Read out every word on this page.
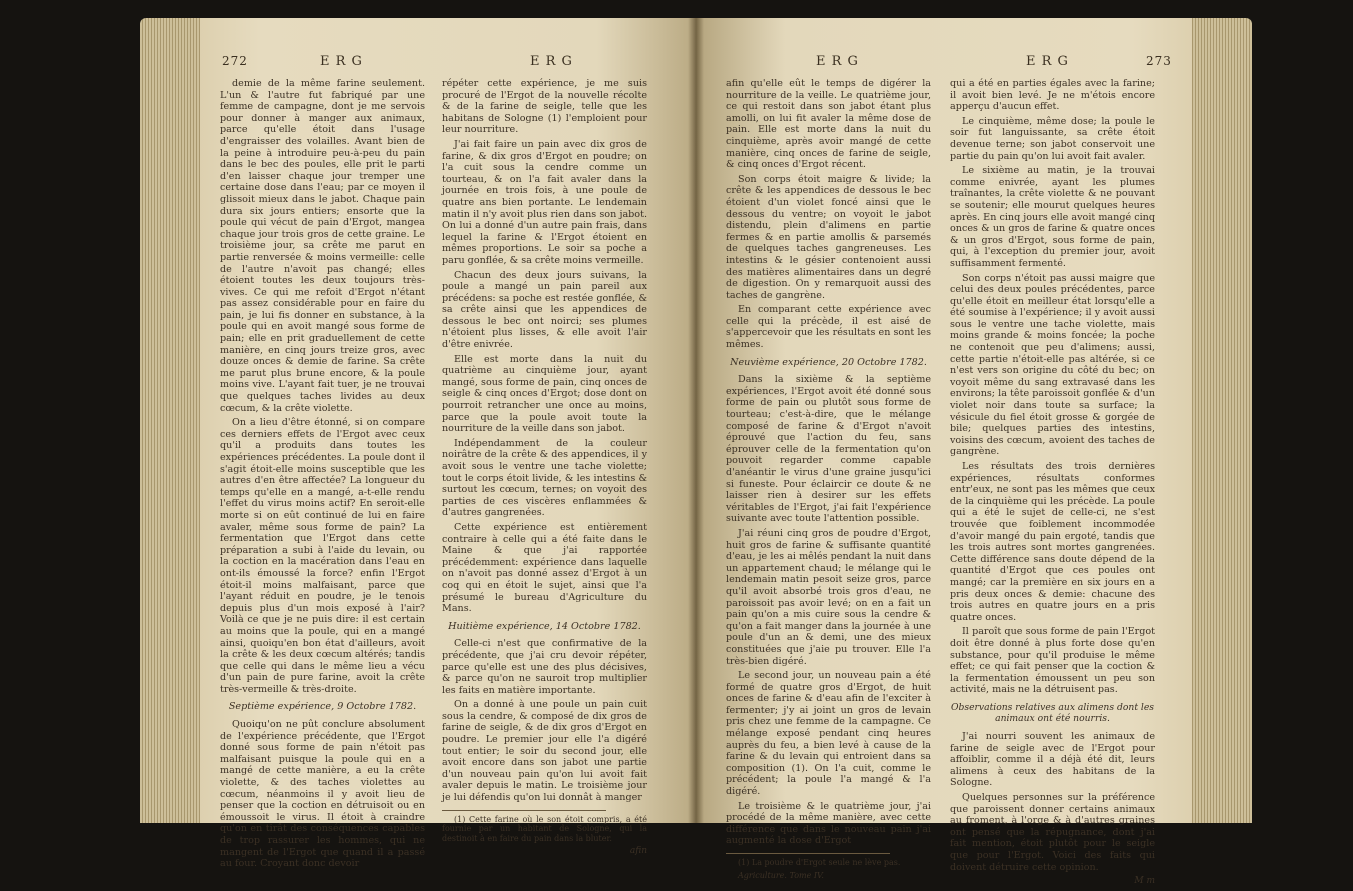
272	E R G	E R G

demie de la même farine seulement. L'un & l'autre fut fabriqué par une femme de campagne, dont je me servois pour donner à manger aux animaux, parce qu'elle étoit dans l'usage d'engraisser des volailles. Avant bien de la peine à introduire peu-à-peu du pain dans le bec des poules, elle prit le parti d'en laisser chaque jour tremper une certaine dose dans l'eau; par ce moyen il glissoit mieux dans le jabot. Chaque pain dura six jours entiers; ensorte que la poule qui vécut de pain d'Ergot, mangea chaque jour trois gros de cette graine. Le troisième jour, sa crête me parut en partie renversée & moins vermeille: celle de l'autre n'avoit pas changé; elles étoient toutes les deux toujours très-vives. Ce qui me refoit d'Ergot n'étant pas assez considérable pour en faire du pain, je lui fis donner en substance, à la poule qui en avoit mangé sous forme de pain; elle en prit graduellement de cette manière, en cinq jours treize gros, avec douze onces & demie de farine. Sa crête me parut plus brune encore, & la poule moins vive. L'ayant fait tuer, je ne trouvai que quelques taches livides au deux cœcum, & la crête violette.

On a lieu d'être étonné, si on compare ces derniers effets de l'Ergot avec ceux qu'il a produits dans toutes les expériences précédentes. La poule dont il s'agit étoit-elle moins susceptible que les autres d'en être affectée? La longueur du temps qu'elle en a mangé, a-t-elle rendu l'effet du virus moins actif? En seroit-elle morte si on eût continué de lui en faire avaler, même sous forme de pain? La fermentation que l'Ergot dans cette préparation a subi à l'aide du levain, ou la coction en la macération dans l'eau en ont-ils émoussé la force? enfin l'Ergot étoit-il moins malfaisant, parce que l'ayant réduit en poudre, je le tenois depuis plus d'un mois exposé à l'air? Voilà ce que je ne puis dire: il est certain au moins que la poule, qui en a mangé ainsi, quoiqu'en bon état d'ailleurs, avoit la crête & les deux cœcum altérés; tandis que celle qui dans le même lieu a vécu d'un pain de pure farine, avoit la crête très-vermeille & très-droite.

Septième expérience, 9 Octobre 1782.

Quoiqu'on ne pût conclure absolument de l'expérience précédente, que l'Ergot donné sous forme de pain n'étoit pas malfaisant puisque la poule qui en a mangé de cette manière, a eu la crête violette, & des taches violettes au cœcum, néanmoins il y avoit lieu de penser que la coction en détruisoit ou en émoussoit le virus. Il étoit à craindre qu'on en tirât des conséquences capables de trop rassurer les hommes, qui ne mangent de l'Ergot que quand il a passé au four. Croyant donc devoir

répéter cette expérience, je me suis procuré de l'Ergot de la nouvelle récolte & de la farine de seigle, telle que les habitans de Sologne (1) l'emploient pour leur nourriture.

J'ai fait faire un pain avec dix gros de farine, & dix gros d'Ergot en poudre; on l'a cuit sous la cendre comme un tourteau, & on l'a fait avaler dans la journée en trois fois, à une poule de quatre ans bien portante. Le lendemain matin il n'y avoit plus rien dans son jabot. On lui a donné d'un autre pain frais, dans lequel la farine & l'Ergot étoient en mêmes proportions. Le soir sa poche a paru gonflée, & sa crête moins vermeille.

Chacun des deux jours suivans, la poule a mangé un pain pareil aux précédens: sa poche est restée gonflée, & sa crête ainsi que les appendices de dessous le bec ont noirci; ses plumes n'étoient plus lisses, & elle avoit l'air d'être enivrée.

Elle est morte dans la nuit du quatrième au cinquième jour, ayant mangé, sous forme de pain, cinq onces de seigle & cinq onces d'Ergot; dose dont on pourroit retrancher une once au moins, parce que la poule avoit toute la nourriture de la veille dans son jabot.

Indépendamment de la couleur noirâtre de la crête & des appendices, il y avoit sous le ventre une tache violette; tout le corps étoit livide, & les intestins & surtout les cœcum, ternes; on voyoit des parties de ces viscères enflammées & d'autres gangrenées.

Cette expérience est entièrement contraire à celle qui a été faite dans le Maine & que j'ai rapportée précédemment: expérience dans laquelle on n'avoit pas donné assez d'Ergot à un coq qui en étoit le sujet, ainsi que l'a présumé le bureau d'Agriculture du Mans.

Huitième expérience, 14 Octobre 1782.

Celle-ci n'est que confirmative de la précédente, que j'ai cru devoir répéter, parce qu'elle est une des plus décisives, & parce qu'on ne sauroit trop multiplier les faits en matière importante.

On a donné à une poule un pain cuit sous la cendre, & composé de dix gros de farine de seigle, & de dix gros d'Ergot en poudre. Le premier jour elle l'a digéré tout entier; le soir du second jour, elle avoit encore dans son jabot une partie d'un nouveau pain qu'on lui avoit fait avaler depuis le matin. Le troisième jour je lui défendis qu'on lui donnât à manger

(1) Cette farine où le son étoit compris, a été fournie par un habitant de Sologne, qui la destinoit à en faire du pain dans la bluter.

afin

E R G	E R G	273

afin qu'elle eût le temps de digérer la nourriture de la veille. Le quatrième jour, ce qui restoit dans son jabot étant plus amolli, on lui fit avaler la même dose de pain. Elle est morte dans la nuit du cinquième, après avoir mangé de cette manière, cinq onces de farine de seigle, & cinq onces d'Ergot récent.

Son corps étoit maigre & livide; la crête & les appendices de dessous le bec étoient d'un violet foncé ainsi que le dessous du ventre; on voyoit le jabot distendu, plein d'alimens en partie fermes & en partie amollis & parsemés de quelques taches gangreneuses. Les intestins & le gésier contenoient aussi des matières alimentaires dans un degré de digestion. On y remarquoit aussi des taches de gangrène.

En comparant cette expérience avec celle qui la précède, il est aisé de s'appercevoir que les résultats en sont les mêmes.

Neuvième expérience, 20 Octobre 1782.

Dans la sixième & la septième expériences, l'Ergot avoit été donné sous forme de pain ou plutôt sous forme de tourteau; c'est-à-dire, que le mélange composé de farine & d'Ergot n'avoit éprouvé que l'action du feu, sans éprouver celle de la fermentation qu'on pouvoit regarder comme capable d'anéantir le virus d'une graine jusqu'ici si funeste. Pour éclaircir ce doute & ne laisser rien à desirer sur les effets véritables de l'Ergot, j'ai fait l'expérience suivante avec toute l'attention possible.

J'ai réuni cinq gros de poudre d'Ergot, huit gros de farine & suffisante quantité d'eau, je les ai mêlés pendant la nuit dans un appartement chaud; le mélange qui le lendemain matin pesoit seize gros, parce qu'il avoit absorbé trois gros d'eau, ne paroissoit pas avoir levé; on en a fait un pain qu'on a mis cuire sous la cendre & qu'on a fait manger dans la journée à une poule d'un an & demi, une des mieux constituées que j'aie pu trouver. Elle l'a très-bien digéré.

Le second jour, un nouveau pain a été formé de quatre gros d'Ergot, de huit onces de farine & d'eau afin de l'exciter à fermenter; j'y ai joint un gros de levain pris chez une femme de la campagne. Ce mélange exposé pendant cinq heures auprès du feu, a bien levé à cause de la farine & du levain qui entroient dans sa composition (1). On l'a cuit, comme le précédent; la poule l'a mangé & l'a digéré.

Le troisième & le quatrième jour, j'ai procédé de la même manière, avec cette différence que dans le nouveau pain j'ai augmenté la dose d'Ergot

(1) La poudre d'Ergot seule ne lève pas.

Agriculture. Tome IV.

qui a été en parties égales avec la farine; il avoit bien levé. Je ne m'étois encore apperçu d'aucun effet.

Le cinquième, même dose; la poule le soir fut languissante, sa crête étoit devenue terne; son jabot conservoit une partie du pain qu'on lui avoit fait avaler.

Le sixième au matin, je la trouvai comme enivrée, ayant les plumes traînantes, la crête violette & ne pouvant se soutenir; elle mourut quelques heures après. En cinq jours elle avoit mangé cinq onces & un gros de farine & quatre onces & un gros d'Ergot, sous forme de pain, qui, à l'exception du premier jour, avoit suffisamment fermenté.

Son corps n'étoit pas aussi maigre que celui des deux poules précédentes, parce qu'elle étoit en meilleur état lorsqu'elle a été soumise à l'expérience; il y avoit aussi sous le ventre une tache violette, mais moins grande & moins foncée; la poche ne contenoit que peu d'alimens; aussi, cette partie n'étoit-elle pas altérée, si ce n'est vers son origine du côté du bec; on voyoit même du sang extravasé dans les environs; la tête paroissoit gonflée & d'un violet noir dans toute sa surface; la vésicule du fiel étoit grosse & gorgée de bile; quelques parties des intestins, voisins des cœcum, avoient des taches de gangrène.

Les résultats des trois dernières expériences, résultats conformes entr'eux, ne sont pas les mêmes que ceux de la cinquième qui les précède. La poule qui a été le sujet de celle-ci, ne s'est trouvée que foiblement incommodée d'avoir mangé du pain ergoté, tandis que les trois autres sont mortes gangrenées. Cette différence sans doute dépend de la quantité d'Ergot que ces poules ont mangé; car la première en six jours en a pris deux onces & demie: chacune des trois autres en quatre jours en a pris quatre onces.

Il paroît que sous forme de pain l'Ergot doit être donné à plus forte dose qu'en substance, pour qu'il produise le même effet; ce qui fait penser que la coction & la fermentation émoussent un peu son activité, mais ne la détruisent pas.

Observations relatives aux alimens dont les animaux ont été nourris.

J'ai nourri souvent les animaux de farine de seigle avec de l'Ergot pour affoiblir, comme il a déjà été dit, leurs alimens à ceux des habitans de la Sologne.

Quelques personnes sur la préférence que paroissent donner certains animaux au froment, à l'orge & à d'autres graines ont pensé que la répugnance, dont j'ai fait mention, étoit plutôt pour le seigle que pour l'Ergot. Voici des faits qui doivent détruire cette opinion.

M m
